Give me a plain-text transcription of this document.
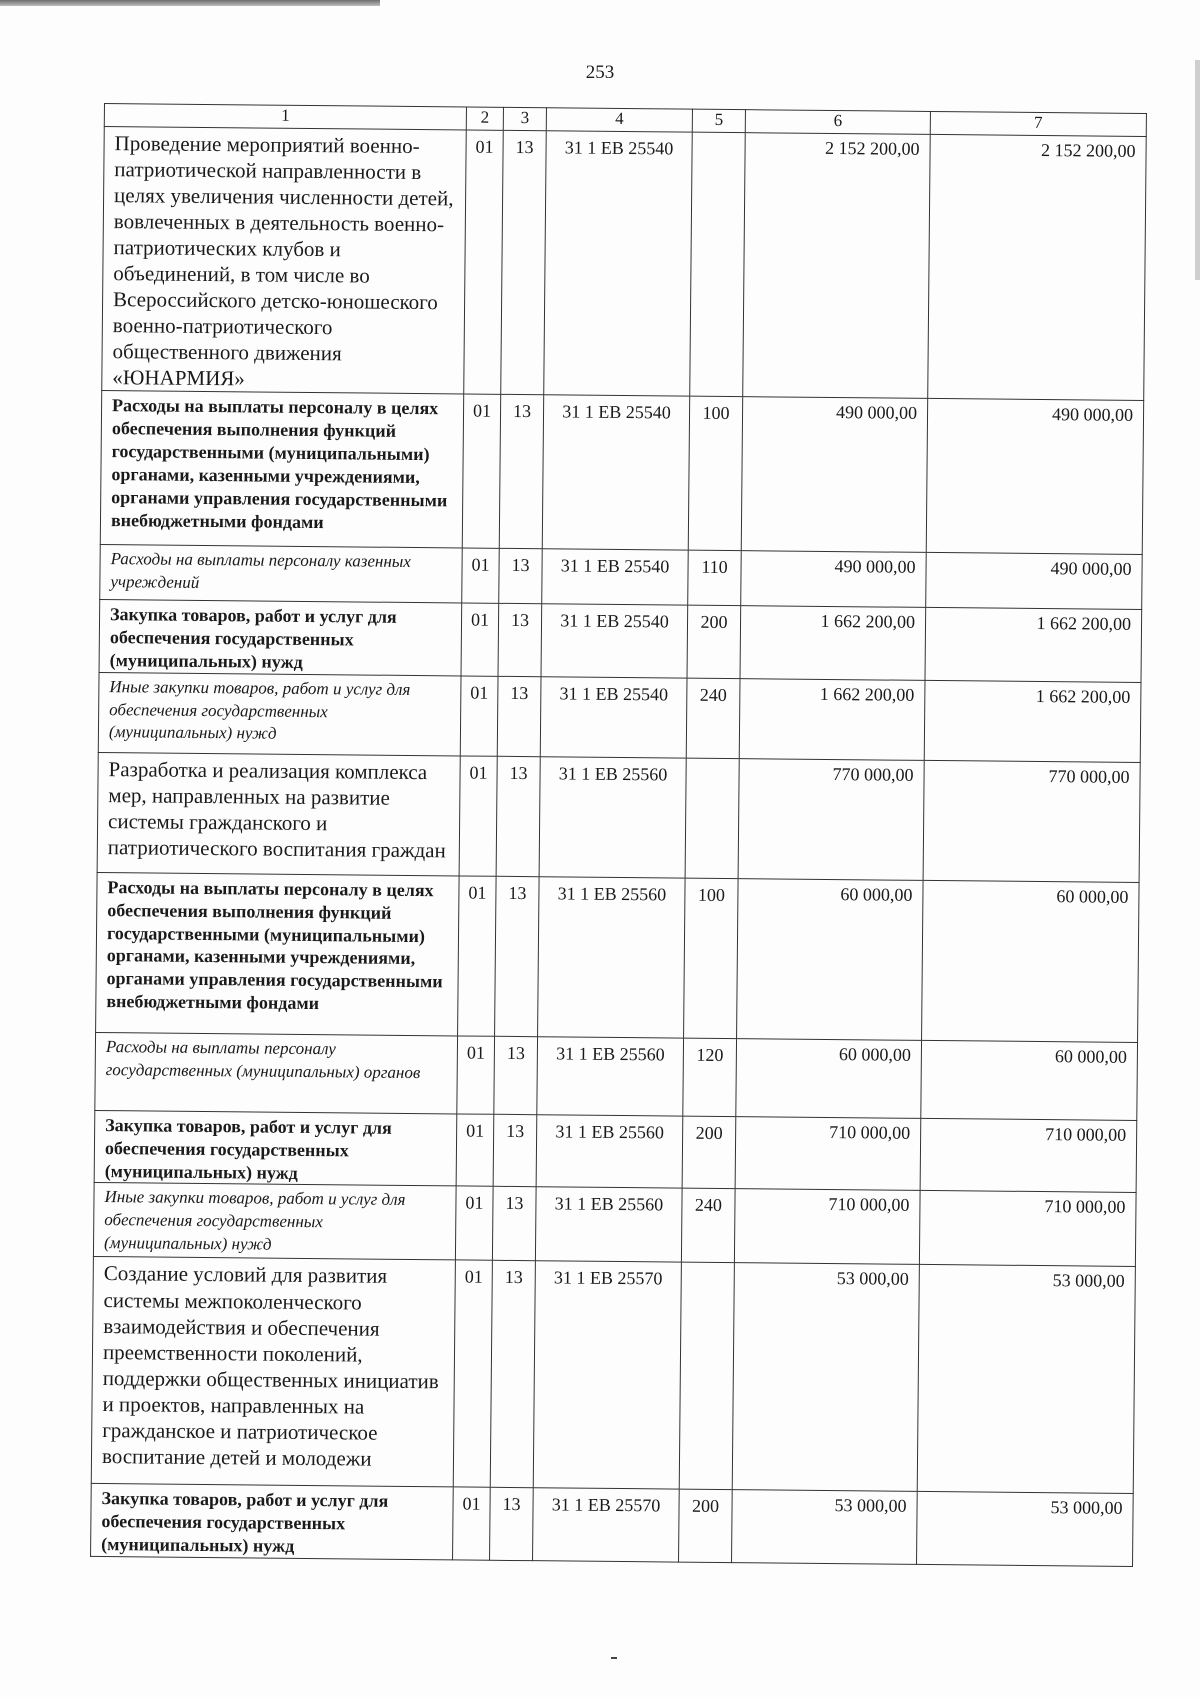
253
1	2	3	4	5	6	7
Проведение мероприятий военно-патриотической направленности в целях увеличения численности детей, вовлеченных в деятельность военно-патриотических клубов и объединений, в том числе во Всероссийского детско-юношеского военно-патриотического общественного движения «ЮНАРМИЯ»	01	13	31 1 ЕВ 25540		2 152 200,00	2 152 200,00
Расходы на выплаты персоналу в целях обеспечения выполнения функций государственными (муниципальными) органами, казенными учреждениями, органами управления государственными внебюджетными фондами	01	13	31 1 ЕВ 25540	100	490 000,00	490 000,00
Расходы на выплаты персоналу казенных учреждений	01	13	31 1 ЕВ 25540	110	490 000,00	490 000,00
Закупка товаров, работ и услуг для обеспечения государственных (муниципальных) нужд	01	13	31 1 ЕВ 25540	200	1 662 200,00	1 662 200,00
Иные закупки товаров, работ и услуг для обеспечения государственных (муниципальных) нужд	01	13	31 1 ЕВ 25540	240	1 662 200,00	1 662 200,00
Разработка и реализация комплекса мер, направленных на развитие системы гражданского и патриотического воспитания граждан	01	13	31 1 ЕВ 25560		770 000,00	770 000,00
Расходы на выплаты персоналу в целях обеспечения выполнения функций государственными (муниципальными) органами, казенными учреждениями, органами управления государственными внебюджетными фондами	01	13	31 1 ЕВ 25560	100	60 000,00	60 000,00
Расходы на выплаты персоналу государственных (муниципальных) органов	01	13	31 1 ЕВ 25560	120	60 000,00	60 000,00
Закупка товаров, работ и услуг для обеспечения государственных (муниципальных) нужд	01	13	31 1 ЕВ 25560	200	710 000,00	710 000,00
Иные закупки товаров, работ и услуг для обеспечения государственных (муниципальных) нужд	01	13	31 1 ЕВ 25560	240	710 000,00	710 000,00
Создание условий для развития системы межпоколенческого взаимодействия и обеспечения преемственности поколений, поддержки общественных инициатив и проектов, направленных на гражданское и патриотическое воспитание детей и молодежи	01	13	31 1 ЕВ 25570		53 000,00	53 000,00
Закупка товаров, работ и услуг для обеспечения государственных (муниципальных) нужд	01	13	31 1 ЕВ 25570	200	53 000,00	53 000,00
